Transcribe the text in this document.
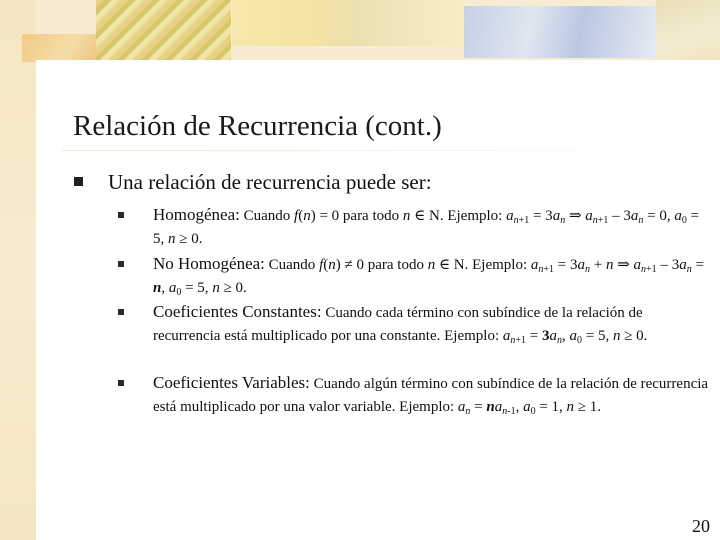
Relación de Recurrencia (cont.)
Una relación de recurrencia puede ser:
Homogénea: Cuando f(n) = 0 para todo n ∈ N. Ejemplo: $a_{n+1} = 3a_n$ ⇒ $a_{n+1} - 3a_n = 0$, $a_0 = 5$, n ≥ 0.
No Homogénea: Cuando f(n) ≠ 0 para todo n ∈ N. Ejemplo: $a_{n+1} = 3a_n + n$ ⇒ $a_{n+1} - 3a_n = n$, $a_0 = 5$, n ≥ 0.
Coeficientes Constantes: Cuando cada término con subíndice de la relación de recurrencia está multiplicado por una constante. Ejemplo: $a_{n+1} = 3a_n$, $a_0 = 5$, n ≥ 0.
Coeficientes Variables: Cuando algún término con subíndice de la relación de recurrencia está multiplicado por una valor variable. Ejemplo: $a_n = na_{n-1}$, $a_0 = 1$, n ≥ 1.
20
